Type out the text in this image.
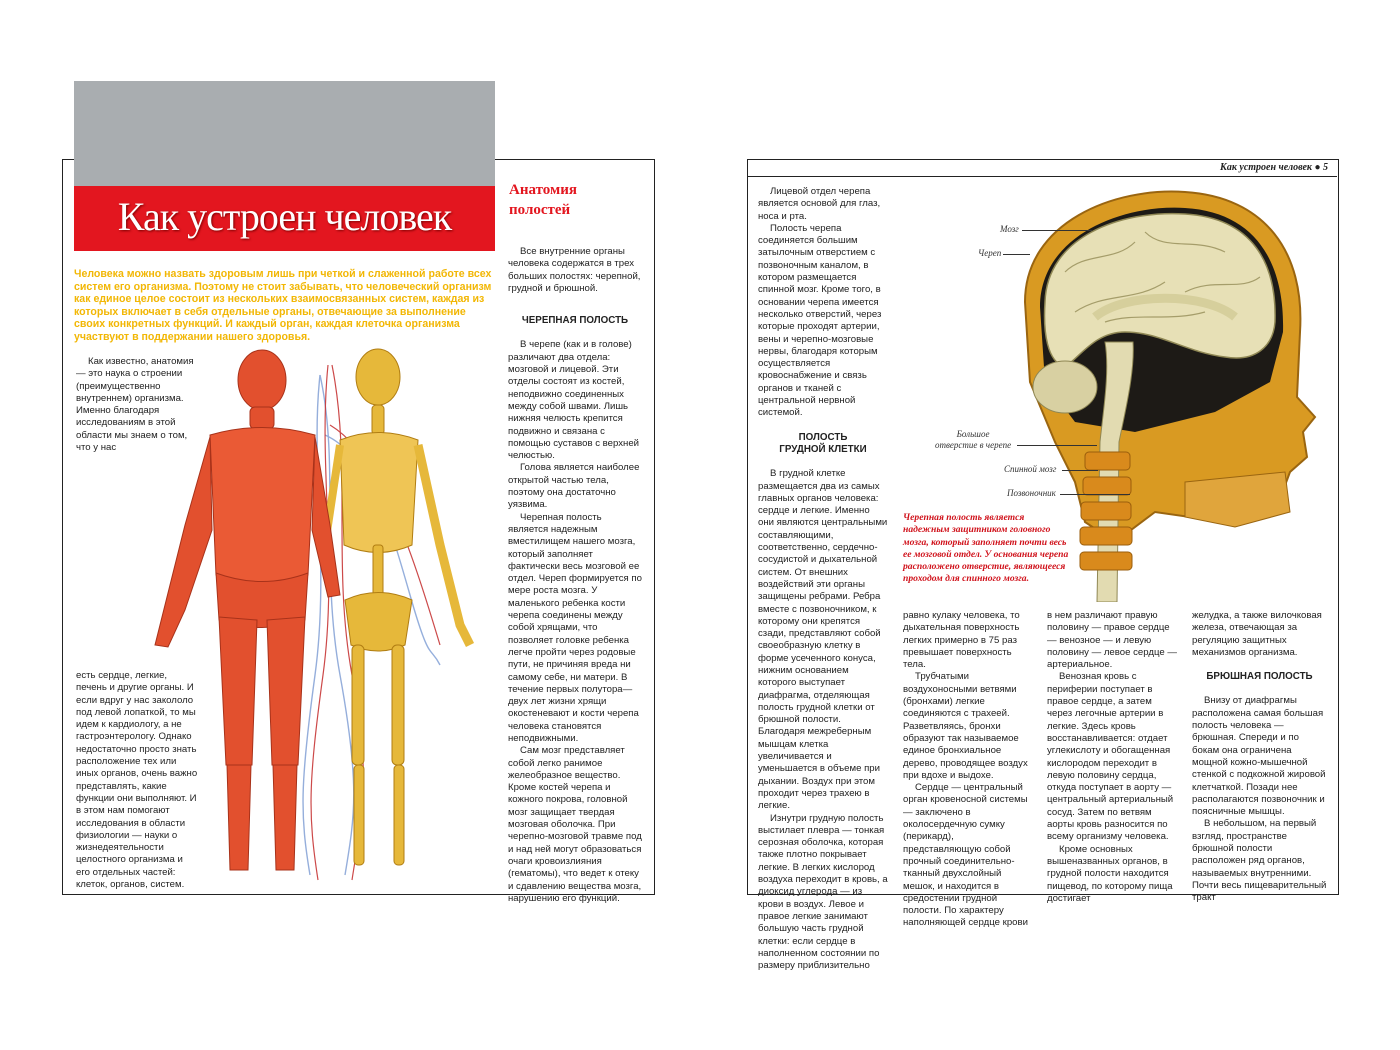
Как устроен человек
Человека можно назвать здоровым лишь при четкой и слаженной работе всех систем его организма. Поэтому не стоит забывать, что человеческий организм как единое целое состоит из нескольких взаимосвязанных систем, каждая из которых включает в себя отдельные органы, отвечающие за выполнение своих конкретных функций. И каждый орган, каждая клеточка организма участвуют в поддержании нашего здоровья.

Как известно, анатомия — это наука о строении (преимущественно внутреннем) организма. Именно благодаря исследованиям в этой области мы знаем о том, что у нас

есть сердце, легкие, печень и другие органы. И если вдруг у нас закололо под левой лопаткой, то мы идем к кардиологу, а не гастроэнтерологу. Однако недостаточно просто знать расположение тех или иных органов, очень важно представлять, какие функции они выполняют. И в этом нам помогают исследования в области физиологии — науки о жизнедеятельности целостного организма и его отдельных частей: клеток, органов, систем.

Анатомия
полостей

Все внутренние органы человека содержатся в трех больших полостях: черепной, грудной и брюшной.

ЧЕРЕПНАЯ ПОЛОСТЬ

В черепе (как и в голове) различают два отдела: мозговой и лицевой. Эти отделы состоят из костей, неподвижно соединенных между собой швами. Лишь нижняя челюсть крепится подвижно и связана с помощью суставов с верхней челюстью.

Голова является наиболее открытой частью тела, поэтому она достаточно уязвима.

Черепная полость является надежным вместилищем нашего мозга, который заполняет фактически весь мозговой ее отдел. Череп формируется по мере роста мозга. У маленького ребенка кости черепа соединены между собой хрящами, что позволяет головке ребенка легче пройти через родовые пути, не причиняя вреда ни самому себе, ни матери. В течение первых полутора—двух лет жизни хрящи окостеневают и кости черепа человека становятся неподвижными.

Сам мозг представляет собой легко ранимое желеобразное вещество. Кроме костей черепа и кожного покрова, головной мозг защищает твердая мозговая оболочка. При черепно-мозговой травме под и над ней могут образоваться очаги кровоизлияния (гематомы), что ведет к отеку и сдавлению вещества мозга, нарушению его функций.

Как устроен человек ● 5

Лицевой отдел черепа является основой для глаз, носа и рта.

Полость черепа соединяется большим затылочным отверстием с позвоночным каналом, в котором размещается спинной мозг. Кроме того, в основании черепа имеется несколько отверстий, через которые проходят артерии, вены и черепно-мозговые нервы, благодаря которым осуществляется кровоснабжение и связь органов и тканей с центральной нервной системой.

ПОЛОСТЬ
ГРУДНОЙ КЛЕТКИ

В грудной клетке размещается два из самых главных органов человека: сердце и легкие. Именно они являются центральными составляющими, соответственно, сердечно-сосудистой и дыхательной систем. От внешних воздействий эти органы защищены ребрами. Ребра вместе с позвоночником, к которому они крепятся сзади, представляют собой своеобразную клетку в форме усеченного конуса, нижним основанием которого выступает диафрагма, отделяющая полость грудной клетки от брюшной полости. Благодаря межреберным мышцам клетка увеличивается и уменьшается в объеме при дыхании. Воздух при этом проходит через трахею в легкие.

Изнутри грудную полость выстилает плевра — тонкая серозная оболочка, которая также плотно покрывает легкие. В легких кислород воздуха переходит в кровь, а диоксид углерода — из крови в воздух. Левое и правое легкие занимают большую часть грудной клетки: если сердце в наполненном состоянии по размеру приблизительно

Мозг
Череп
Большое
отверстие в черепе
Спинной мозг
Позвоночник
Черепная полость является надежным защитником головного мозга, который заполняет почти весь ее мозговой отдел. У основания черепа расположено отверстие, являющееся проходом для спинного мозга.

равно кулаку человека, то дыхательная поверхность легких примерно в 75 раз превышает поверхность тела.

Трубчатыми воздухоносными ветвями (бронхами) легкие соединяются с трахеей. Разветвляясь, бронхи образуют так называемое единое бронхиальное дерево, проводящее воздух при вдохе и выдохе.

Сердце — центральный орган кровеносной системы — заключено в околосердечную сумку (перикард), представляющую собой прочный соединительно-тканный двухслойный мешок, и находится в средостении грудной полости. По характеру наполняющей сердце крови

в нем различают правую половину — правое сердце — венозное — и левую половину — левое сердце — артериальное.

Венозная кровь с периферии поступает в правое сердце, а затем через легочные артерии в легкие. Здесь кровь восстанавливается: отдает углекислоту и обогащенная кислородом переходит в левую половину сердца, откуда поступает в аорту — центральный артериальный сосуд. Затем по ветвям аорты кровь разносится по всему организму человека.

Кроме основных вышеназванных органов, в грудной полости находится пищевод, по которому пища достигает

желудка, а также вилочковая железа, отвечающая за регуляцию защитных механизмов организма.

БРЮШНАЯ ПОЛОСТЬ

Внизу от диафрагмы расположена самая большая полость человека — брюшная. Спереди и по бокам она ограничена мощной кожно-мышечной стенкой с подкожной жировой клетчаткой. Позади нее располагаются позвоночник и поясничные мышцы.

В небольшом, на первый взгляд, пространстве брюшной полости расположен ряд органов, называемых внутренними. Почти весь пищеварительный тракт
